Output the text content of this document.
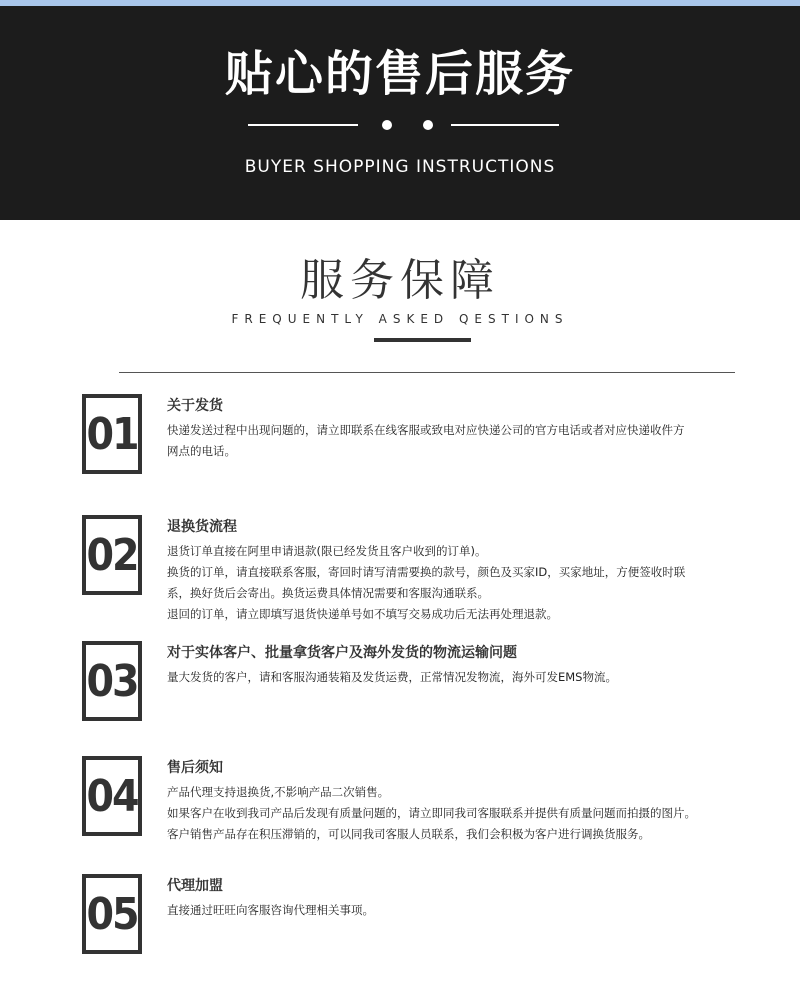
贴心的售后服务
BUYER SHOPPING INSTRUCTIONS
服务保障
FREQUENTLY ASKED QESTIONS
01
关于发货
快递发送过程中出现问题的，请立即联系在线客服或致电对应快递公司的官方电话或者对应快递收件方
网点的电话。
02
退换货流程
退货订单直接在阿里申请退款(限已经发货且客户收到的订单)。
换货的订单，请直接联系客服，寄回时请写清需要换的款号，颜色及买家ID，买家地址，方便签收时联
系，换好货后会寄出。换货运费具体情况需要和客服沟通联系。
退回的订单，请立即填写退货快递单号如不填写交易成功后无法再处理退款。
03
对于实体客户、批量拿货客户及海外发货的物流运输问题
量大发货的客户，请和客服沟通装箱及发货运费，正常情况发物流，海外可发EMS物流。
04
售后须知
产品代理支持退换货,不影响产品二次销售。
如果客户在收到我司产品后发现有质量问题的，请立即同我司客服联系并提供有质量问题而拍摄的图片。
客户销售产品存在积压滞销的，可以同我司客服人员联系，我们会积极为客户进行调换货服务。
05
代理加盟
直接通过旺旺向客服咨询代理相关事项。
